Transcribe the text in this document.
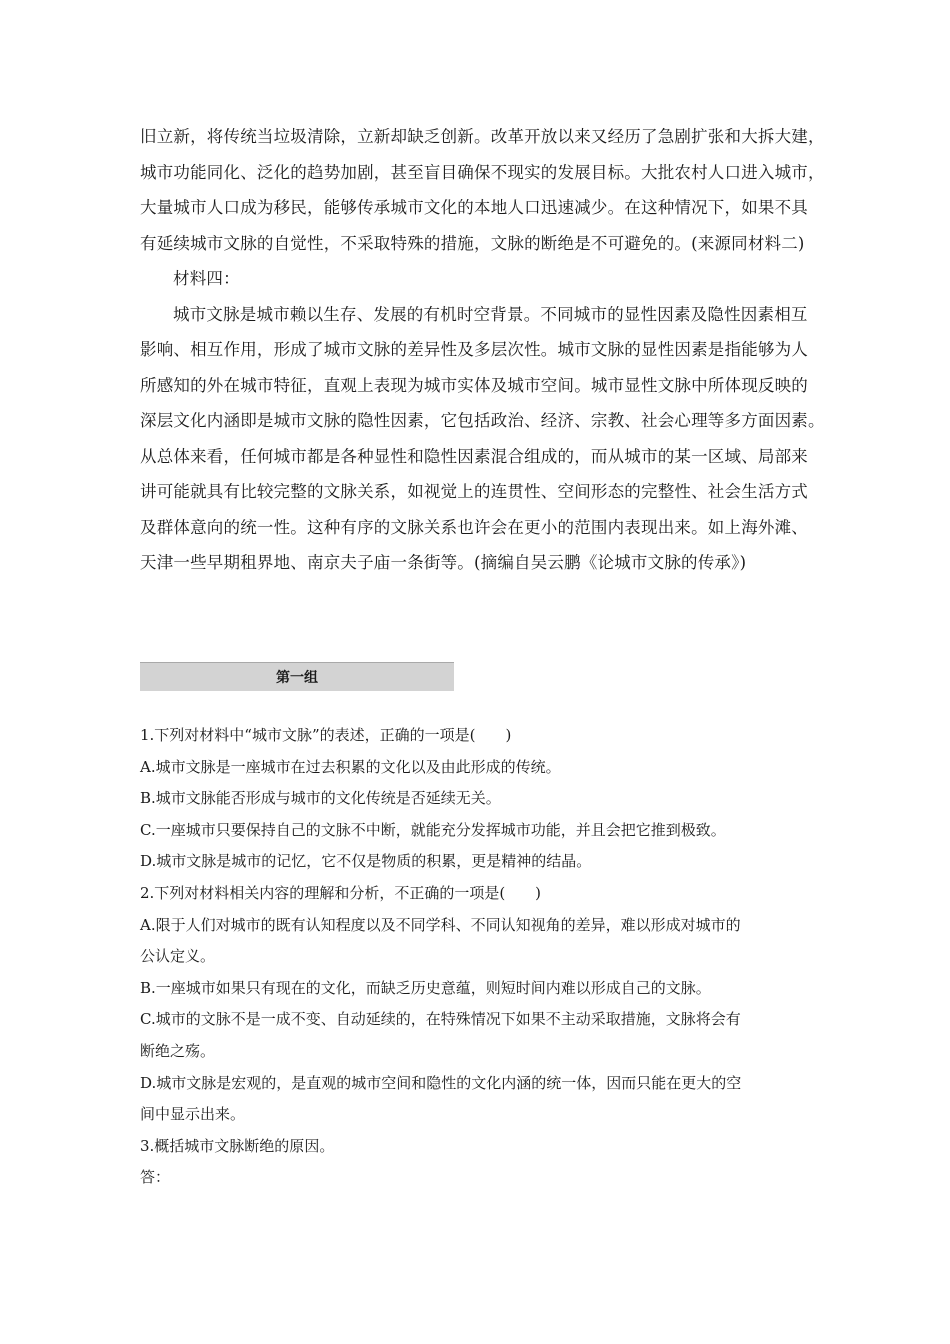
旧立新，将传统当垃圾清除，立新却缺乏创新。改革开放以来又经历了急剧扩张和大拆大建，

城市功能同化、泛化的趋势加剧，甚至盲目确保不现实的发展目标。大批农村人口进入城市，

大量城市人口成为移民，能够传承城市文化的本地人口迅速减少。在这种情况下，如果不具

有延续城市文脉的自觉性，不采取特殊的措施，文脉的断绝是不可避免的。(来源同材料二)

材料四：

城市文脉是城市赖以生存、发展的有机时空背景。不同城市的显性因素及隐性因素相互

影响、相互作用，形成了城市文脉的差异性及多层次性。城市文脉的显性因素是指能够为人

所感知的外在城市特征，直观上表现为城市实体及城市空间。城市显性文脉中所体现反映的

深层文化内涵即是城市文脉的隐性因素，它包括政治、经济、宗教、社会心理等多方面因素。

从总体来看，任何城市都是各种显性和隐性因素混合组成的，而从城市的某一区域、局部来

讲可能就具有比较完整的文脉关系，如视觉上的连贯性、空间形态的完整性、社会生活方式

及群体意向的统一性。这种有序的文脉关系也许会在更小的范围内表现出来。如上海外滩、

天津一些早期租界地、南京夫子庙一条街等。(摘编自吴云鹏《论城市文脉的传承》)

第一组

1.下列对材料中“城市文脉”的表述，正确的一项是(　　)

A.城市文脉是一座城市在过去积累的文化以及由此形成的传统。

B.城市文脉能否形成与城市的文化传统是否延续无关。

C.一座城市只要保持自己的文脉不中断，就能充分发挥城市功能，并且会把它推到极致。

D.城市文脉是城市的记忆，它不仅是物质的积累，更是精神的结晶。

2.下列对材料相关内容的理解和分析，不正确的一项是(　　)

A.限于人们对城市的既有认知程度以及不同学科、不同认知视角的差异，难以形成对城市的

公认定义。

B.一座城市如果只有现在的文化，而缺乏历史意蕴，则短时间内难以形成自己的文脉。

C.城市的文脉不是一成不变、自动延续的，在特殊情况下如果不主动采取措施，文脉将会有

断绝之殇。

D.城市文脉是宏观的，是直观的城市空间和隐性的文化内涵的统一体，因而只能在更大的空

间中显示出来。

3.概括城市文脉断绝的原因。

答：
